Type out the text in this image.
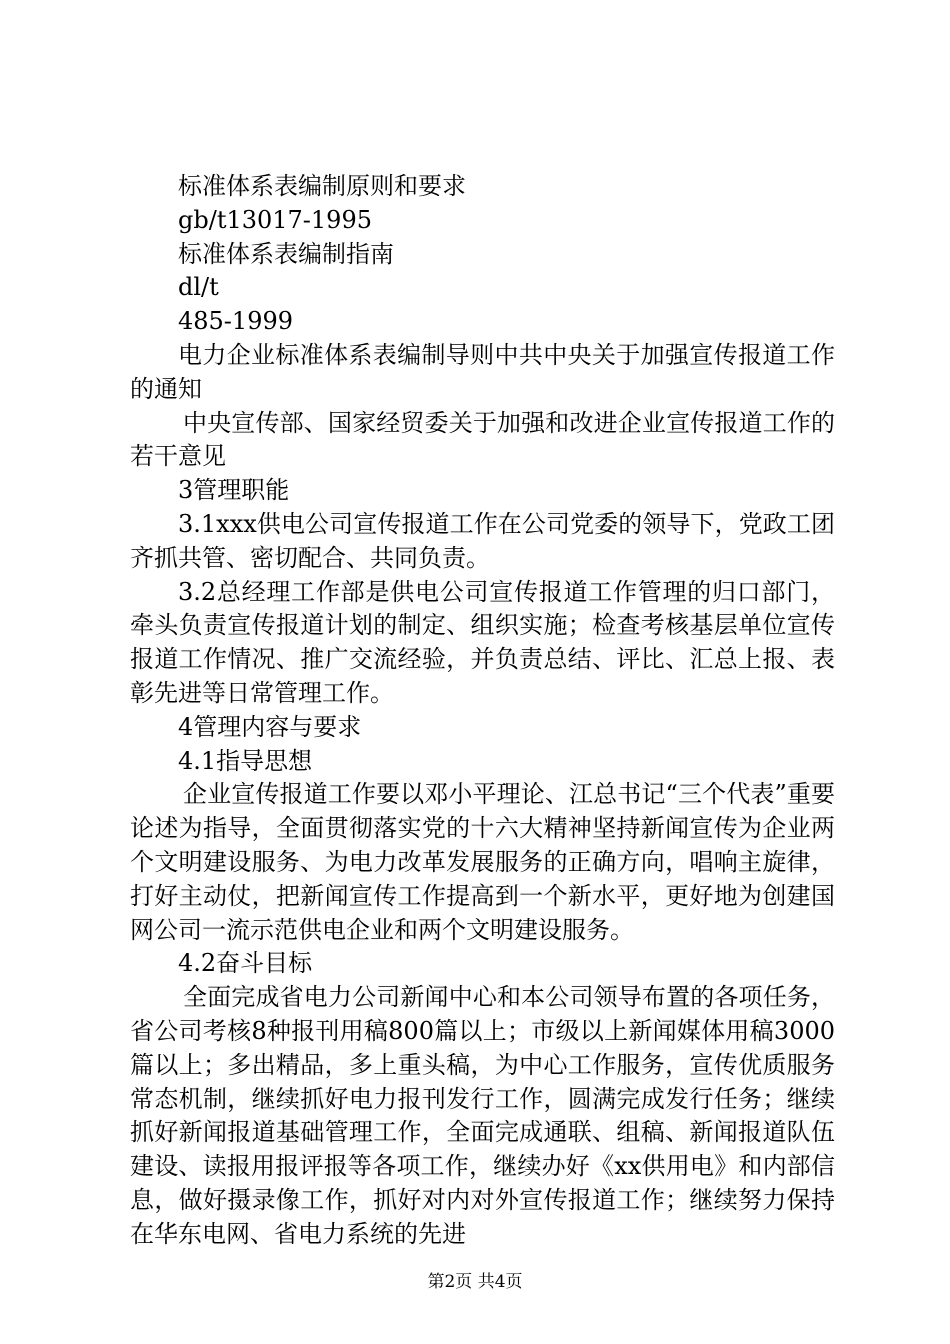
标准体系表编制原则和要求

gb/t13017-1995

标准体系表编制指南

dl/t

485-1999

电力企业标准体系表编制导则中共中央关于加强宣传报道工作的通知

中央宣传部、国家经贸委关于加强和改进企业宣传报道工作的若干意见

3管理职能

3.1xxx供电公司宣传报道工作在公司党委的领导下，党政工团齐抓共管、密切配合、共同负责。

3.2总经理工作部是供电公司宣传报道工作管理的归口部门，牵头负责宣传报道计划的制定、组织实施；检查考核基层单位宣传报道工作情况、推广交流经验，并负责总结、评比、汇总上报、表彰先进等日常管理工作。

4管理内容与要求

4.1指导思想

企业宣传报道工作要以邓小平理论、江总书记“三个代表”重要论述为指导，全面贯彻落实党的十六大精神坚持新闻宣传为企业两个文明建设服务、为电力改革发展服务的正确方向，唱响主旋律，打好主动仗，把新闻宣传工作提高到一个新水平，更好地为创建国网公司一流示范供电企业和两个文明建设服务。

4.2奋斗目标

全面完成省电力公司新闻中心和本公司领导布置的各项任务，省公司考核8种报刊用稿800篇以上；市级以上新闻媒体用稿3000篇以上；多出精品，多上重头稿，为中心工作服务，宣传优质服务常态机制，继续抓好电力报刊发行工作，圆满完成发行任务；继续抓好新闻报道基础管理工作，全面完成通联、组稿、新闻报道队伍建设、读报用报评报等各项工作，继续办好《xx供用电》和内部信息，做好摄录像工作，抓好对内对外宣传报道工作；继续努力保持在华东电网、省电力系统的先进

第2页 共4页
